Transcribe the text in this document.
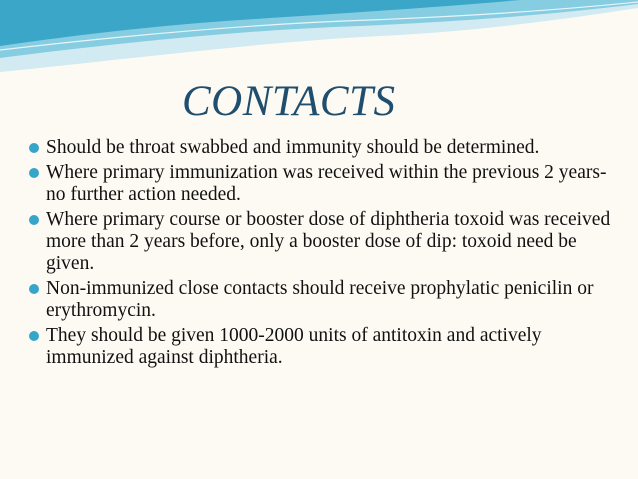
CONTACTS
Should be throat swabbed and immunity should be determined.
Where primary immunization was received within the previous 2 years- no further action needed.
Where primary course or booster dose of diphtheria toxoid was received more than 2 years before, only a booster dose of dip: toxoid need be given.
Non-immunized close contacts should receive prophylatic penicilin or erythromycin.
They should be given 1000-2000 units of antitoxin and actively immunized against diphtheria.
